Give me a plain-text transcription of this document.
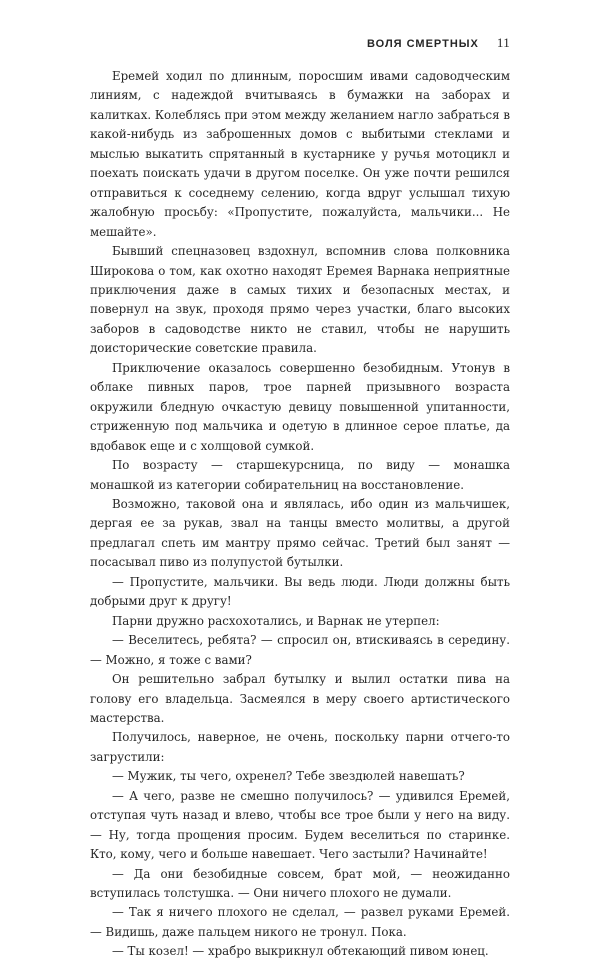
ВОЛЯ СМЕРТНЫХ 11

Еремей ходил по длинным, поросшим ивами садоводческим линиям, с надеждой вчитываясь в бумажки на заборах и калитках. Колеблясь при этом между желанием нагло забраться в какой-нибудь из заброшенных домов с выбитыми стеклами и мыслью выкатить спрятанный в кустарнике у ручья мотоцикл и поехать поискать удачи в другом поселке. Он уже почти решился отправиться к соседнему селению, когда вдруг услышал тихую жалобную просьбу: «Пропустите, пожалуйста, мальчики... Не мешайте».

Бывший спецназовец вздохнул, вспомнив слова полковника Широкова о том, как охотно находят Еремея Варнака неприятные приключения даже в самых тихих и безопасных местах, и повернул на звук, проходя прямо через участки, благо высоких заборов в садоводстве никто не ставил, чтобы не нарушить доисторические советские правила.

Приключение оказалось совершенно безобидным. Утонув в облаке пивных паров, трое парней призывного возраста окружили бледную очкастую девицу повышенной упитанности, стриженную под мальчика и одетую в длинное серое платье, да вдобавок еще и с холщовой сумкой.

По возрасту — старшекурсница, по виду — монашка монашкой из категории собирательниц на восстановление.

Возможно, таковой она и являлась, ибо один из мальчишек, дергая ее за рукав, звал на танцы вместо молитвы, а другой предлагал спеть им мантру прямо сейчас. Третий был занят — посасывал пиво из полупустой бутылки.

— Пропустите, мальчики. Вы ведь люди. Люди должны быть добрыми друг к другу!

Парни дружно расхохотались, и Варнак не утерпел:

— Веселитесь, ребята? — спросил он, втискиваясь в середину. — Можно, я тоже с вами?

Он решительно забрал бутылку и вылил остатки пива на голову его владельца. Засмеялся в меру своего артистического мастерства.

Получилось, наверное, не очень, поскольку парни отчего-то загрустили:

— Мужик, ты чего, охренел? Тебе звездюлей навешать?

— А чего, разве не смешно получилось? — удивился Еремей, отступая чуть назад и влево, чтобы все трое были у него на виду. — Ну, тогда прощения просим. Будем веселиться по старинке. Кто, кому, чего и больше навешает. Чего застыли? Начинайте!

— Да они безобидные совсем, брат мой, — неожиданно вступилась толстушка. — Они ничего плохого не думали.

— Так я ничего плохого не сделал, — развел руками Еремей. — Видишь, даже пальцем никого не тронул. Пока.

— Ты козел! — храбро выкрикнул обтекающий пивом юнец.
